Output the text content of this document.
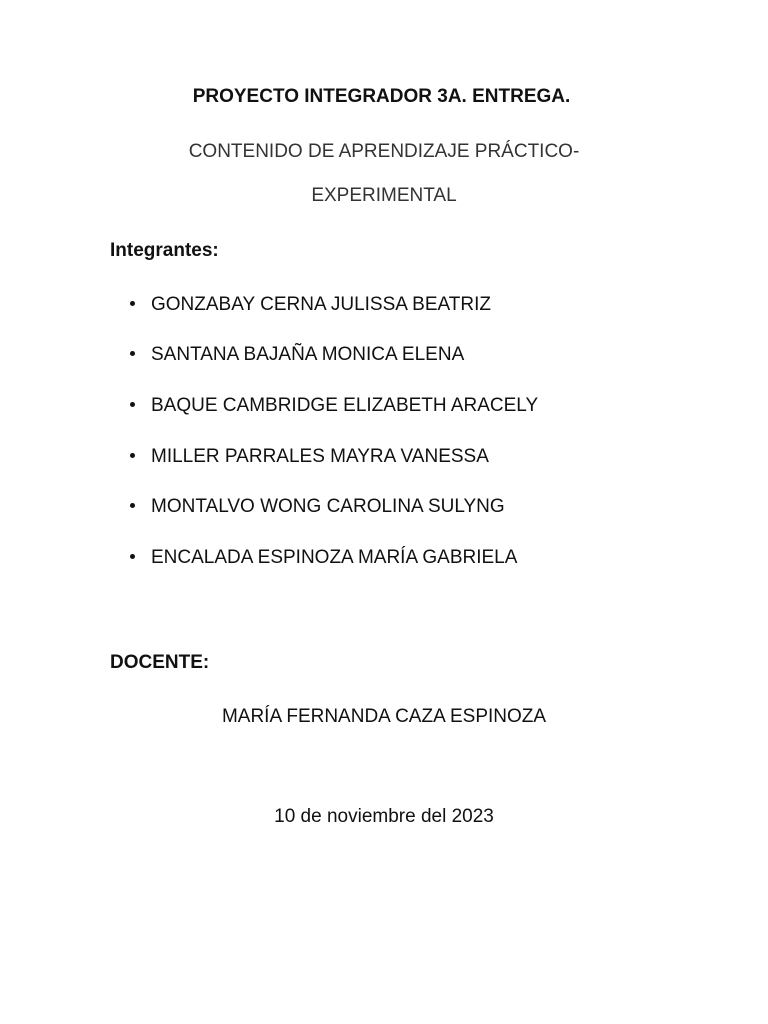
PROYECTO INTEGRADOR 3A. ENTREGA.
CONTENIDO DE APRENDIZAJE PRÁCTICO-
EXPERIMENTAL
Integrantes:
GONZABAY CERNA JULISSA BEATRIZ
SANTANA BAJAÑA MONICA ELENA
BAQUE CAMBRIDGE ELIZABETH ARACELY
MILLER PARRALES MAYRA VANESSA
MONTALVO WONG CAROLINA SULYNG
ENCALADA ESPINOZA MARÍA GABRIELA
DOCENTE:
MARÍA FERNANDA CAZA ESPINOZA
10 de noviembre del 2023
